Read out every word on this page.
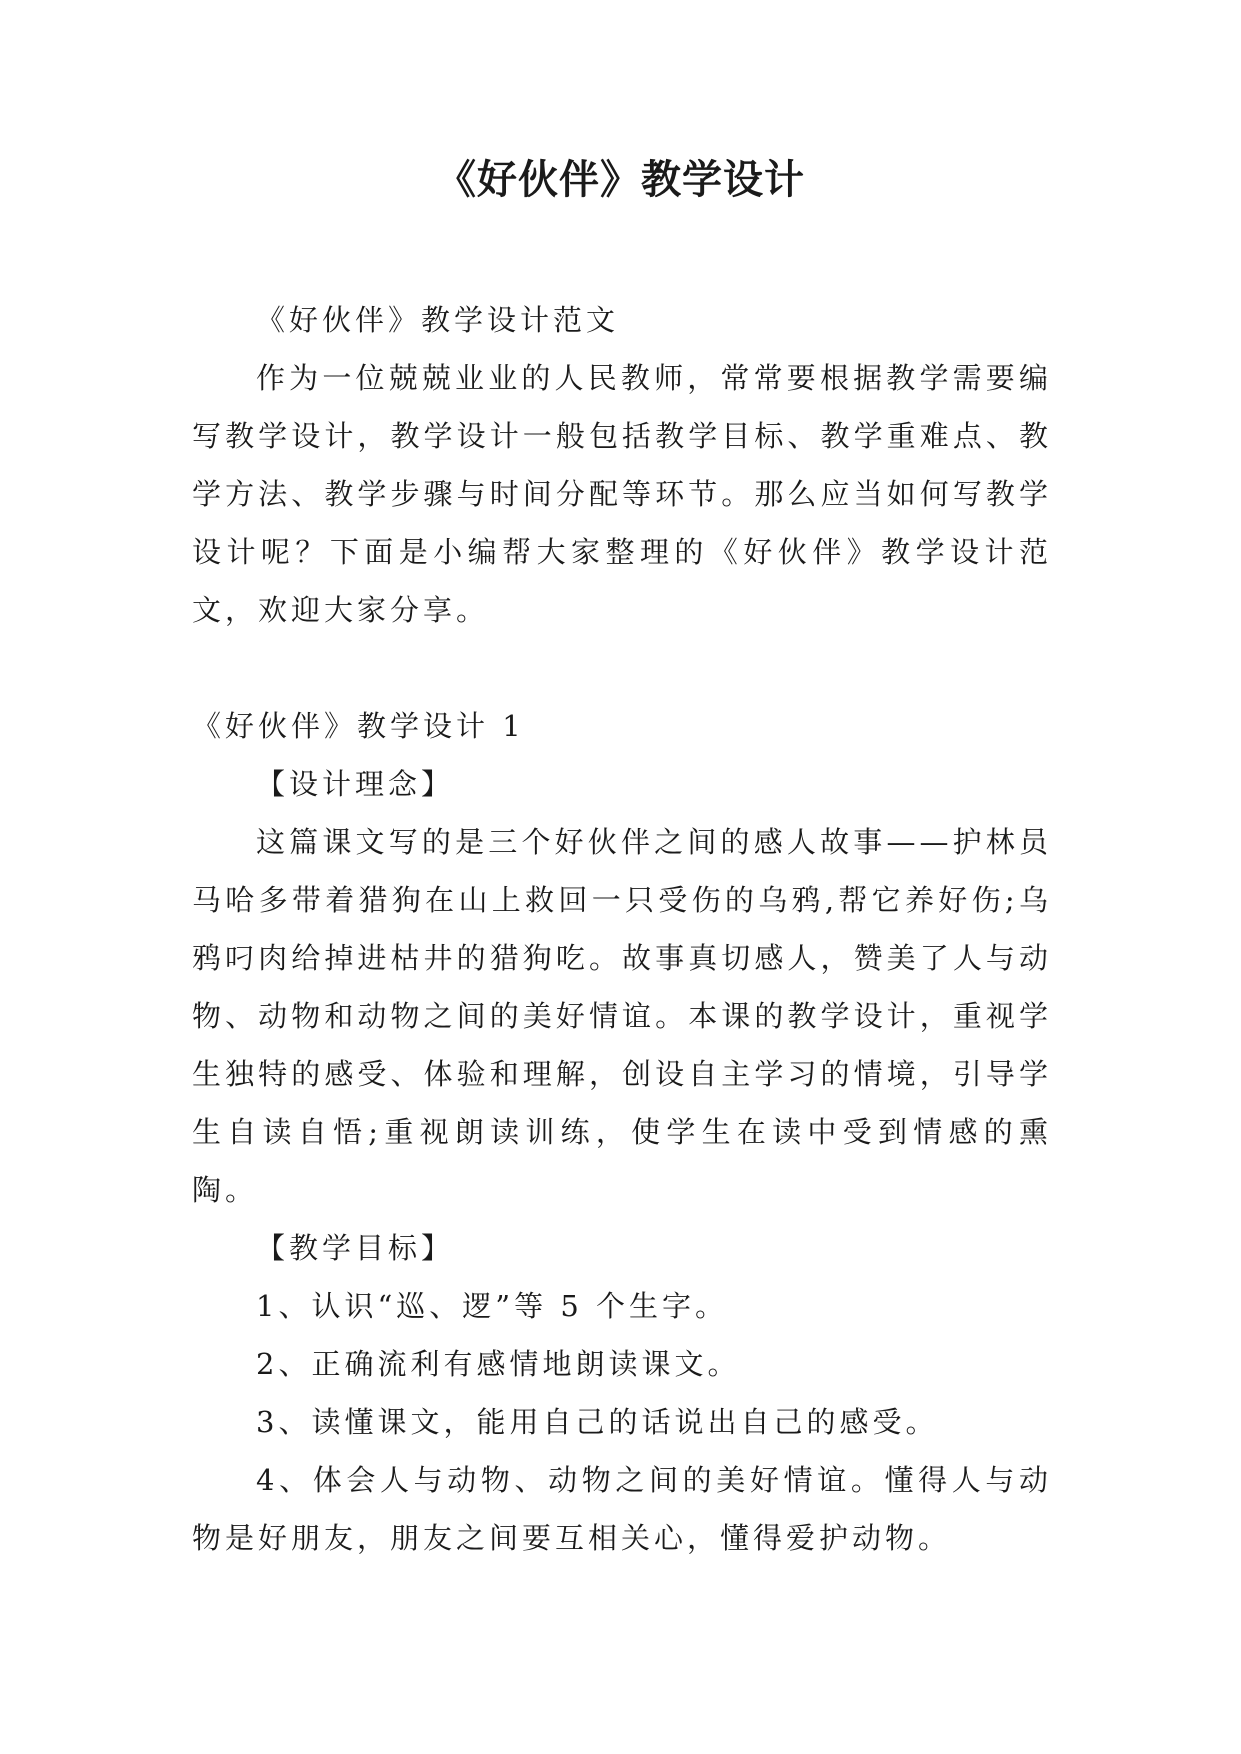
《好伙伴》教学设计

《好伙伴》教学设计范文

作为一位兢兢业业的人民教师，常常要根据教学需要编写教学设计，教学设计一般包括教学目标、教学重难点、教学方法、教学步骤与时间分配等环节。那么应当如何写教学设计呢？下面是小编帮大家整理的《好伙伴》教学设计范文，欢迎大家分享。

《好伙伴》教学设计 1

【设计理念】

这篇课文写的是三个好伙伴之间的感人故事——护林员马哈多带着猎狗在山上救回一只受伤的乌鸦,帮它养好伤;乌鸦叼肉给掉进枯井的猎狗吃。故事真切感人，赞美了人与动物、动物和动物之间的美好情谊。本课的教学设计，重视学生独特的感受、体验和理解，创设自主学习的情境，引导学生自读自悟;重视朗读训练，使学生在读中受到情感的熏陶。

【教学目标】

1、认识“巡、逻”等 5 个生字。

2、正确流利有感情地朗读课文。

3、读懂课文，能用自己的话说出自己的感受。

4、体会人与动物、动物之间的美好情谊。懂得人与动物是好朋友，朋友之间要互相关心，懂得爱护动物。
